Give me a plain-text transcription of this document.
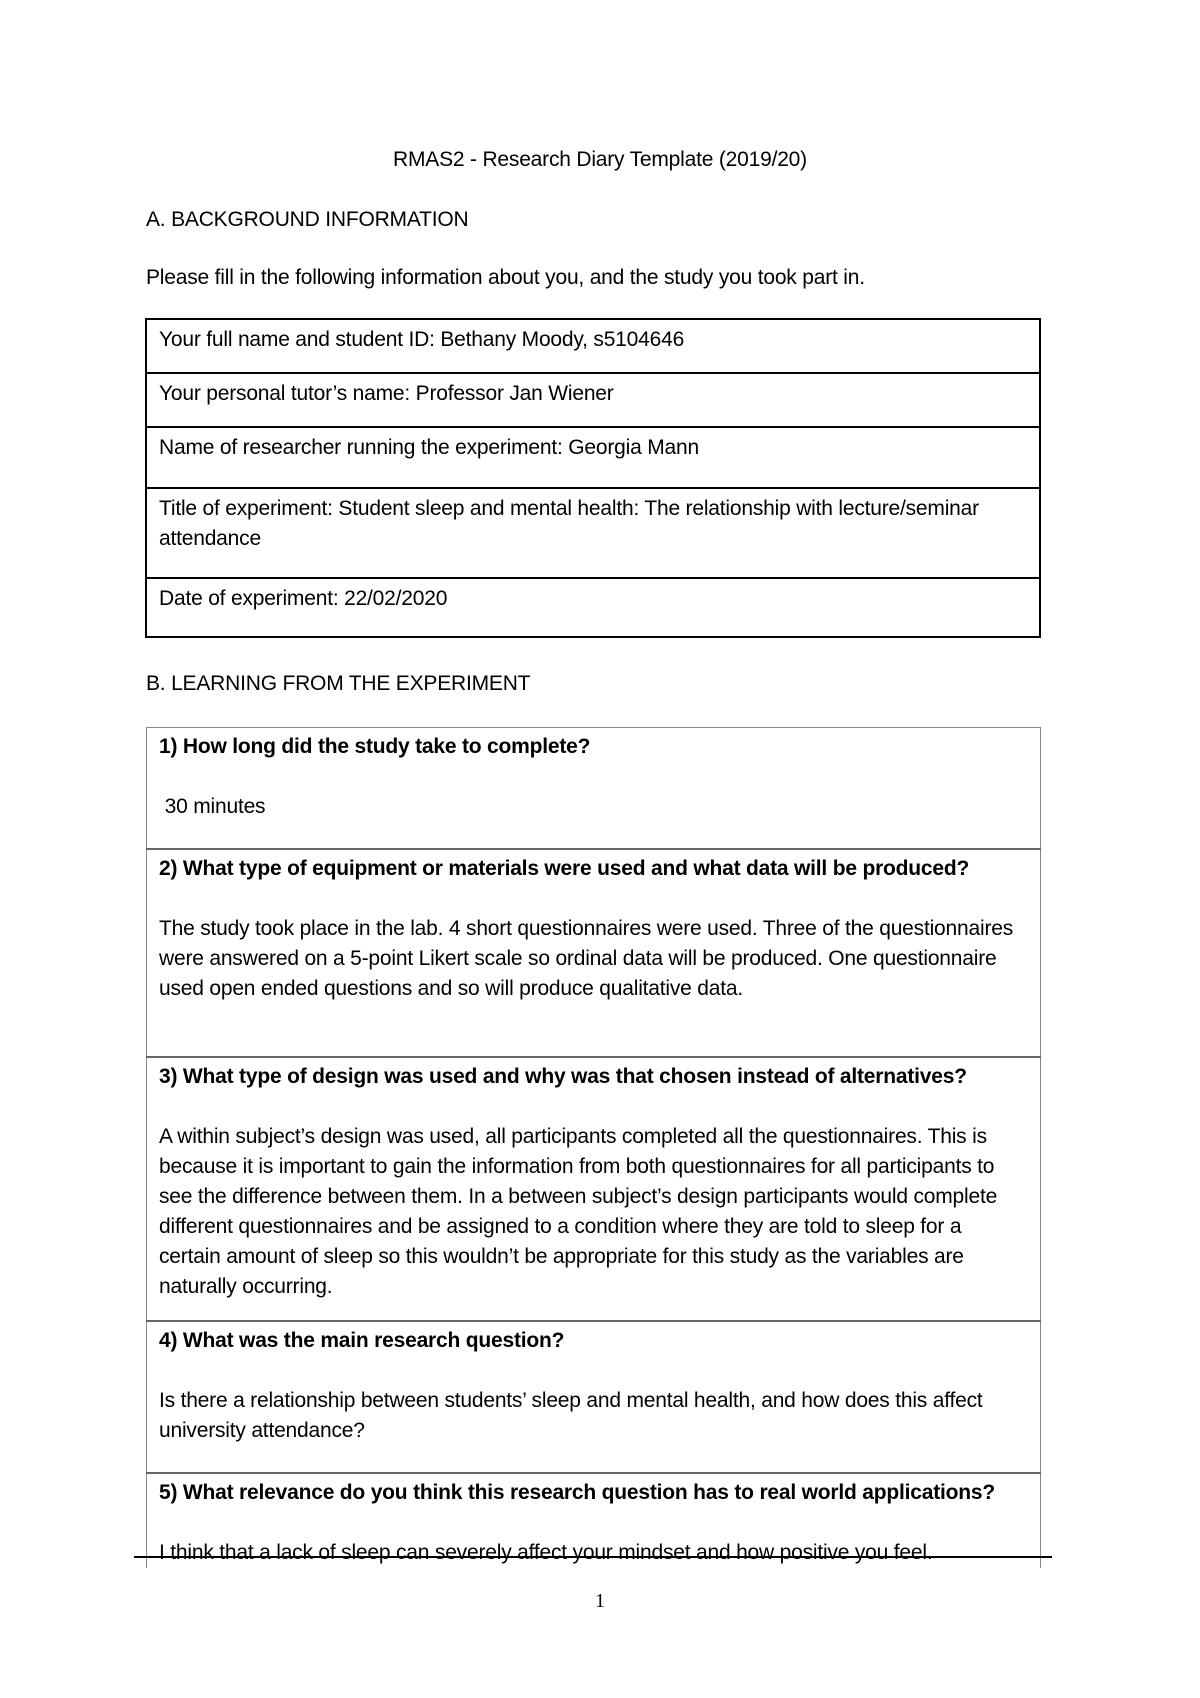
RMAS2 - Research Diary Template (2019/20)
A. BACKGROUND INFORMATION
Please fill in the following information about you, and the study you took part in.
Your full name and student ID: Bethany Moody, s5104646
Your personal tutor’s name: Professor Jan Wiener
Name of researcher running the experiment: Georgia Mann
Title of experiment: Student sleep and mental health: The relationship with lecture/seminar attendance
Date of experiment: 22/02/2020
B. LEARNING FROM THE EXPERIMENT
1) How long did the study take to complete?
30 minutes

2) What type of equipment or materials were used and what data will be produced?
The study took place in the lab. 4 short questionnaires were used. Three of the questionnaires were answered on a 5-point Likert scale so ordinal data will be produced. One questionnaire used open ended questions and so will produce qualitative data.

3) What type of design was used and why was that chosen instead of alternatives?
A within subject’s design was used, all participants completed all the questionnaires. This is because it is important to gain the information from both questionnaires for all participants to see the difference between them. In a between subject’s design participants would complete different questionnaires and be assigned to a condition where they are told to sleep for a certain amount of sleep so this wouldn’t be appropriate for this study as the variables are naturally occurring.

4) What was the main research question?
Is there a relationship between students’ sleep and mental health, and how does this affect university attendance?

5) What relevance do you think this research question has to real world applications?
I think that a lack of sleep can severely affect your mindset and how positive you feel.
1
